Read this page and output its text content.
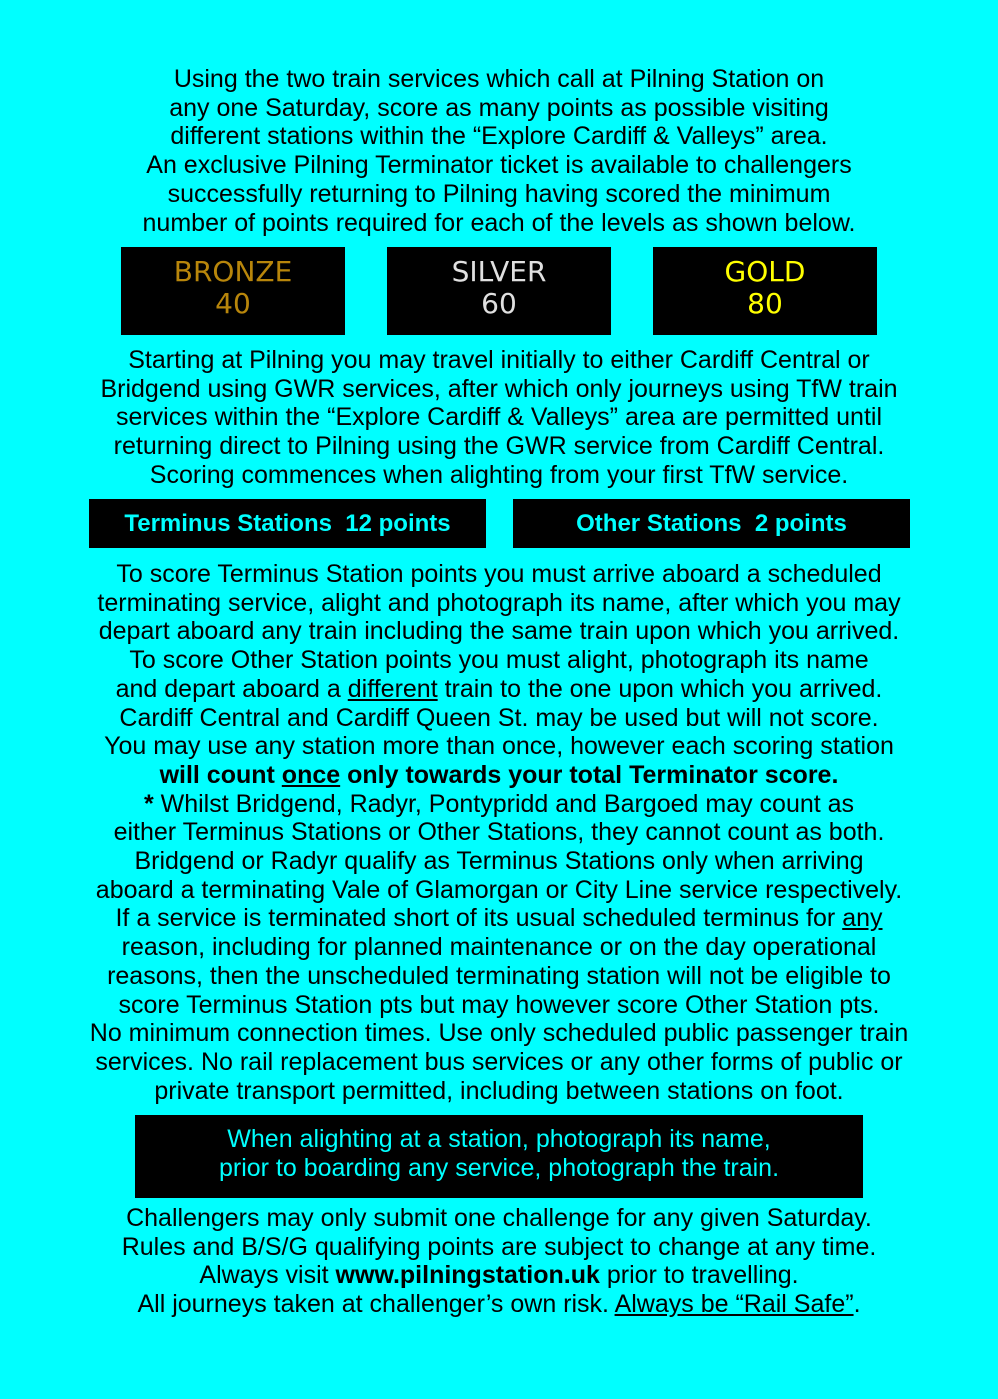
Using the two train services which call at Pilning Station on
any one Saturday, score as many points as possible visiting
different stations within the “Explore Cardiff & Valleys” area.
An exclusive Pilning Terminator ticket is available to challengers
successfully returning to Pilning having scored the minimum
number of points required for each of the levels as shown below.
BRONZE
40
SILVER
60
GOLD
80
Starting at Pilning you may travel initially to either Cardiff Central or
Bridgend using GWR services, after which only journeys using TfW train
services within the “Explore Cardiff & Valleys” area are permitted until
returning direct to Pilning using the GWR service from Cardiff Central.
Scoring commences when alighting from your first TfW service.
Terminus Stations  12 points	Other Stations  2 points
To score Terminus Station points you must arrive aboard a scheduled
terminating service, alight and photograph its name, after which you may
depart aboard any train including the same train upon which you arrived.
To score Other Station points you must alight, photograph its name
and depart aboard a different train to the one upon which you arrived.
Cardiff Central and Cardiff Queen St. may be used but will not score.
You may use any station more than once, however each scoring station
will count once only towards your total Terminator score.
* Whilst Bridgend, Radyr, Pontypridd and Bargoed may count as
either Terminus Stations or Other Stations, they cannot count as both.
Bridgend or Radyr qualify as Terminus Stations only when arriving
aboard a terminating Vale of Glamorgan or City Line service respectively.
If a service is terminated short of its usual scheduled terminus for any
reason, including for planned maintenance or on the day operational
reasons, then the unscheduled terminating station will not be eligible to
score Terminus Station pts but may however score Other Station pts.
No minimum connection times. Use only scheduled public passenger train
services. No rail replacement bus services or any other forms of public or
private transport permitted, including between stations on foot.
When alighting at a station, photograph its name,
prior to boarding any service, photograph the train.
Challengers may only submit one challenge for any given Saturday.
Rules and B/S/G qualifying points are subject to change at any time.
Always visit www.pilningstation.uk prior to travelling.
All journeys taken at challenger’s own risk. Always be “Rail Safe”.
